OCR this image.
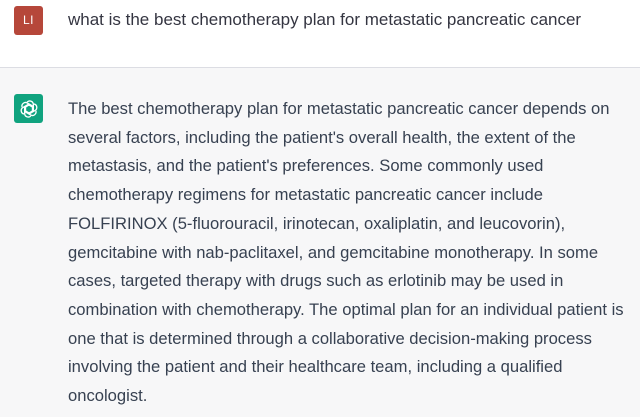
LI	what is the best chemotherapy plan for metastatic pancreatic cancer

The best chemotherapy plan for metastatic pancreatic cancer depends on several factors, including the patient's overall health, the extent of the metastasis, and the patient's preferences. Some commonly used chemotherapy regimens for metastatic pancreatic cancer include FOLFIRINOX (5-fluorouracil, irinotecan, oxaliplatin, and leucovorin), gemcitabine with nab-paclitaxel, and gemcitabine monotherapy. In some cases, targeted therapy with drugs such as erlotinib may be used in combination with chemotherapy. The optimal plan for an individual patient is one that is determined through a collaborative decision-making process involving the patient and their healthcare team, including a qualified oncologist.
